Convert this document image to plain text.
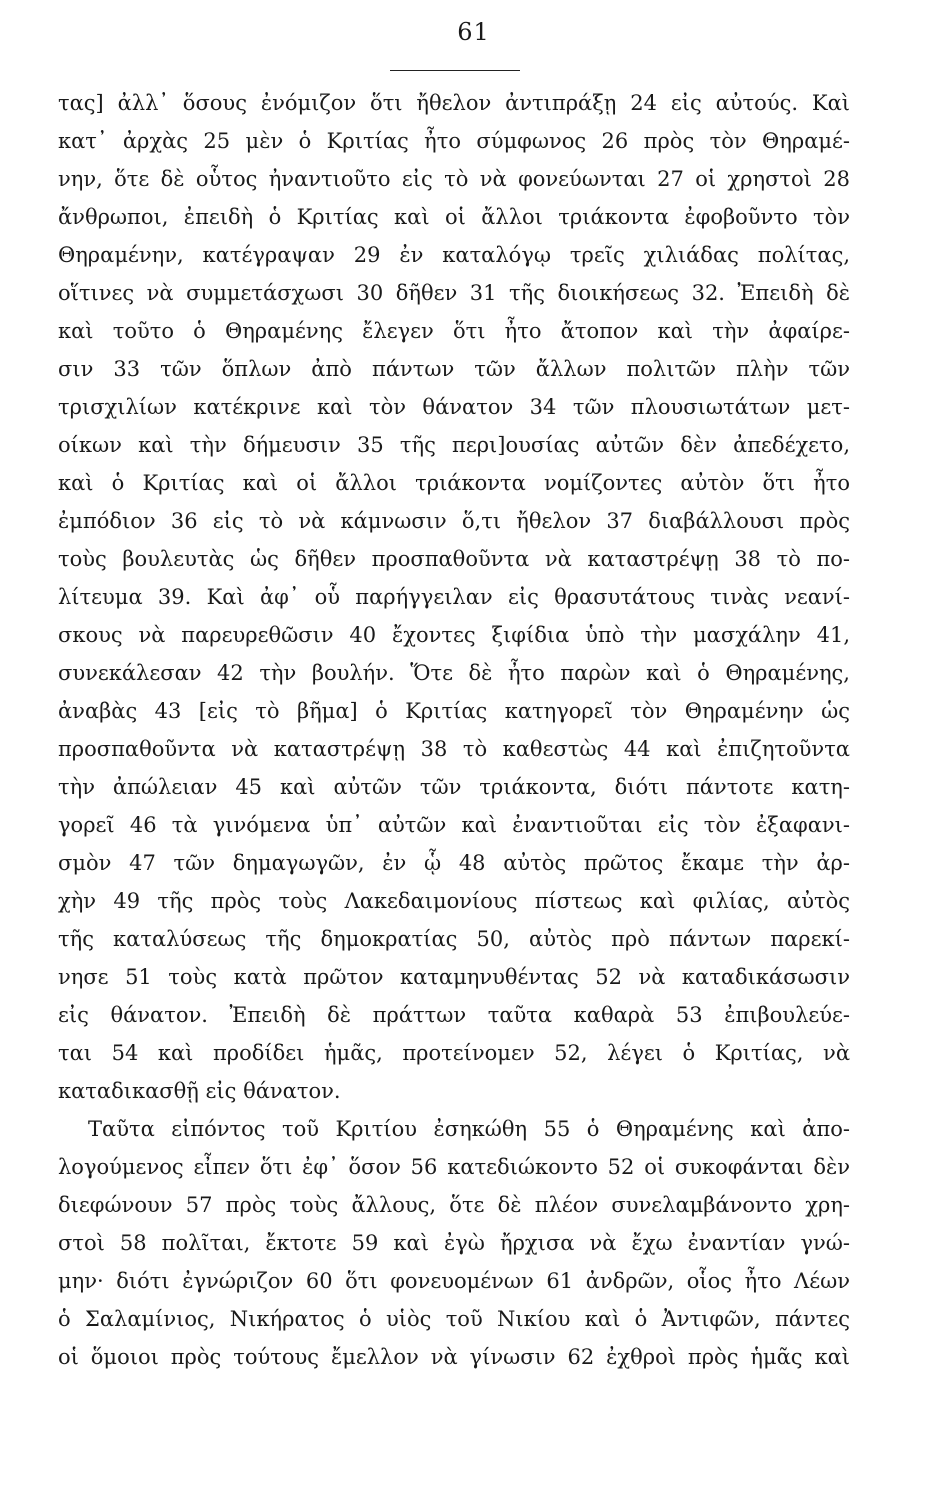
61
τας] ἀλλ᾽ ὅσους ἐνόμιζον ὅτι ἤθελον ἀντιπράξῃ 24 εἰς αὐτούς. Καὶ
κατ᾽ ἀρχὰς 25 μὲν ὁ Κριτίας ἦτο σύμφωνος 26 πρὸς τὸν Θηραμέ-
νην, ὅτε δὲ οὗτος ἠναντιοῦτο εἰς τὸ νὰ φονεύωνται 27 οἱ χρηστοὶ 28
ἄνθρωποι, ἐπειδὴ ὁ Κριτίας καὶ οἱ ἄλλοι τριάκοντα ἐφοβοῦντο τὸν
Θηραμένην, κατέγραψαν 29 ἐν καταλόγῳ τρεῖς χιλιάδας πολίτας,
οἵτινες νὰ συμμετάσχωσι 30 δῆθεν 31 τῆς διοικήσεως 32. Ἐπειδὴ δὲ
καὶ τοῦτο ὁ Θηραμένης ἔλεγεν ὅτι ἦτο ἄτοπον καὶ τὴν ἀφαίρε-
σιν 33 τῶν ὅπλων ἀπὸ πάντων τῶν ἄλλων πολιτῶν πλὴν τῶν
τρισχιλίων κατέκρινε καὶ τὸν θάνατον 34 τῶν πλουσιωτάτων μετ-
οίκων καὶ τὴν δήμευσιν 35 τῆς περι]ουσίας αὐτῶν δὲν ἀπεδέχετο,
καὶ ὁ Κριτίας καὶ οἱ ἄλλοι τριάκοντα νομίζοντες αὐτὸν ὅτι ἦτο
ἐμπόδιον 36 εἰς τὸ νὰ κάμνωσιν ὅ,τι ἤθελον 37 διαβάλλουσι πρὸς
τοὺς βουλευτὰς ὡς δῆθεν προσπαθοῦντα νὰ καταστρέψῃ 38 τὸ πο-
λίτευμα 39. Καὶ ἀφ᾽ οὗ παρήγγειλαν εἰς θρασυτάτους τινὰς νεανί-
σκους νὰ παρευρεθῶσιν 40 ἔχοντες ξιφίδια ὑπὸ τὴν μασχάλην 41,
συνεκάλεσαν 42 τὴν βουλήν. Ὅτε δὲ ἦτο παρὼν καὶ ὁ Θηραμένης,
ἀναβὰς 43 [εἰς τὸ βῆμα] ὁ Κριτίας κατηγορεῖ τὸν Θηραμένην ὡς
προσπαθοῦντα νὰ καταστρέψῃ 38 τὸ καθεστὼς 44 καὶ ἐπιζητοῦντα
τὴν ἀπώλειαν 45 καὶ αὐτῶν τῶν τριάκοντα, διότι πάντοτε κατη-
γορεῖ 46 τὰ γινόμενα ὑπ᾽ αὐτῶν καὶ ἐναντιοῦται εἰς τὸν ἐξαφανι-
σμὸν 47 τῶν δημαγωγῶν, ἐν ᾧ 48 αὐτὸς πρῶτος ἔκαμε τὴν ἀρ-
χὴν 49 τῆς πρὸς τοὺς Λακεδαιμονίους πίστεως καὶ φιλίας, αὐτὸς
τῆς καταλύσεως τῆς δημοκρατίας 50, αὐτὸς πρὸ πάντων παρεκί-
νησε 51 τοὺς κατὰ πρῶτον καταμηνυθέντας 52 νὰ καταδικάσωσιν
εἰς θάνατον. Ἐπειδὴ δὲ πράττων ταῦτα καθαρὰ 53 ἐπιβουλεύε-
ται 54 καὶ προδίδει ἡμᾶς, προτείνομεν 52, λέγει ὁ Κριτίας, νὰ
καταδικασθῇ εἰς θάνατον.
Ταῦτα εἰπόντος τοῦ Κριτίου ἐσηκώθη 55 ὁ Θηραμένης καὶ ἀπο-
λογούμενος εἶπεν ὅτι ἐφ᾽ ὅσον 56 κατεδιώκοντο 52 οἱ συκοφάνται δὲν
διεφώνουν 57 πρὸς τοὺς ἄλλους, ὅτε δὲ πλέον συνελαμβάνοντο χρη-
στοὶ 58 πολῖται, ἔκτοτε 59 καὶ ἐγὼ ἤρχισα νὰ ἔχω ἐναντίαν γνώ-
μην· διότι ἐγνώριζον 60 ὅτι φονευομένων 61 ἀνδρῶν, οἷος ἦτο Λέων
ὁ Σαλαμίνιος, Νικήρατος ὁ υἱὸς τοῦ Νικίου καὶ ὁ Ἀντιφῶν, πάντες
οἱ ὅμοιοι πρὸς τούτους ἔμελλον νὰ γίνωσιν 62 ἐχθροὶ πρὸς ἡμᾶς καὶ
